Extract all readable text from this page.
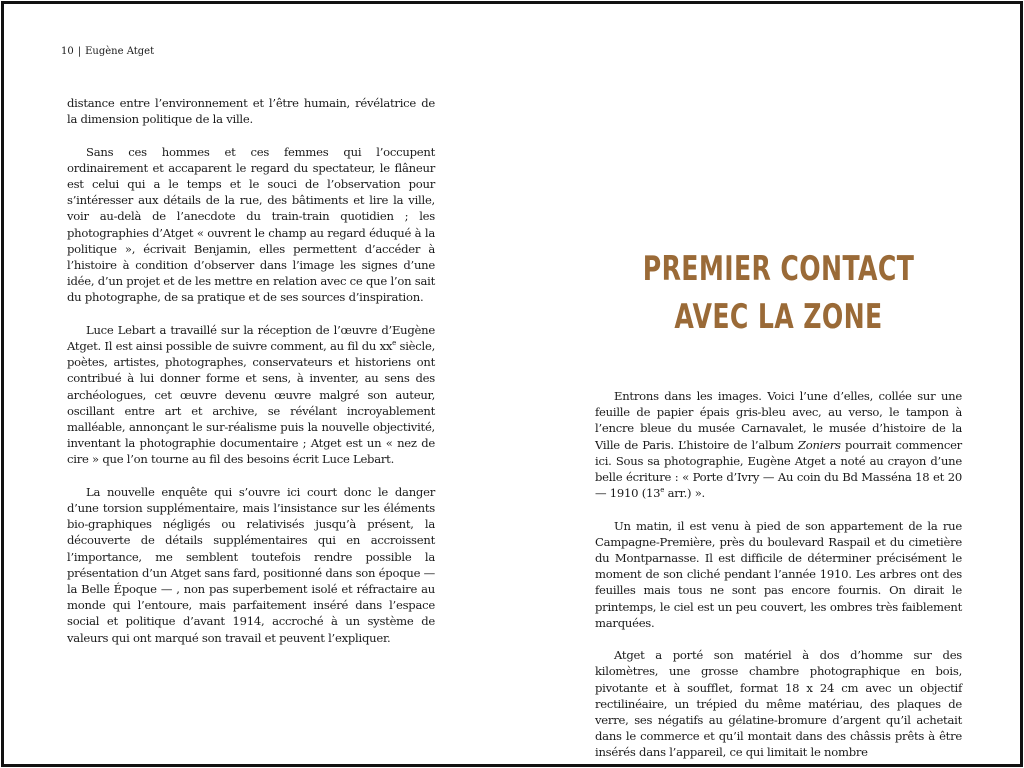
10 | Eugène Atget

distance entre l’environnement et l’être humain, révélatrice de la dimension politique de la ville.

Sans ces hommes et ces femmes qui l’occupent ordinairement et accaparent le regard du spectateur, le flâneur est celui qui a le temps et le souci de l’observation pour s’intéresser aux détails de la rue, des bâtiments et lire la ville, voir au-delà de l’anecdote du train-train quotidien ; les photographies d’Atget « ouvrent le champ au regard éduqué à la politique », écrivait Benjamin, elles permettent d’accéder à l’histoire à condition d’observer dans l’image les signes d’une idée, d’un projet et de les mettre en relation avec ce que l’on sait du photographe, de sa pratique et de ses sources d’inspiration.

Luce Lebart a travaillé sur la réception de l’œuvre d’Eugène Atget. Il est ainsi possible de suivre comment, au fil du $xx^e$ siècle, poètes, artistes, photographes, conservateurs et historiens ont contribué à lui donner forme et sens, à inventer, au sens des archéologues, cet œuvre devenu œuvre malgré son auteur, oscillant entre art et archive, se révélant incroyablement malléable, annonçant le sur-réalisme puis la nouvelle objectivité, inventant la photographie documentaire ; Atget est un « nez de cire » que l’on tourne au fil des besoins écrit Luce Lebart.

La nouvelle enquête qui s’ouvre ici court donc le danger d’une torsion supplémentaire, mais l’insistance sur les éléments bio-graphiques négligés ou relativisés jusqu’à présent, la découverte de détails supplémentaires qui en accroissent l’importance, me semblent toutefois rendre possible la présentation d’un Atget sans fard, positionné dans son époque — la Belle Époque — , non pas superbement isolé et réfractaire au monde qui l’entoure, mais parfaitement inséré dans l’espace social et politique d’avant 1914, accroché à un système de valeurs qui ont marqué son travail et peuvent l’expliquer.

PREMIER CONTACT
AVEC LA ZONE

Entrons dans les images. Voici l’une d’elles, collée sur une feuille de papier épais gris-bleu avec, au verso, le tampon à l’encre bleue du musée Carnavalet, le musée d’histoire de la Ville de Paris. L’histoire de l’album Zoniers pourrait commencer ici. Sous sa photographie, Eugène Atget a noté au crayon d’une belle écriture : « Porte d’Ivry — Au coin du Bd Masséna 18 et 20 — 1910 (13e arr.) ».

Un matin, il est venu à pied de son appartement de la rue Campagne-Première, près du boulevard Raspail et du cimetière du Montparnasse. Il est difficile de déterminer précisément le moment de son cliché pendant l’année 1910. Les arbres ont des feuilles mais tous ne sont pas encore fournis. On dirait le printemps, le ciel est un peu couvert, les ombres très faiblement marquées.

Atget a porté son matériel à dos d’homme sur des kilomètres, une grosse chambre photographique en bois, pivotante et à soufflet, format 18 x 24 cm avec un objectif rectilinéaire, un trépied du même matériau, des plaques de verre, ses négatifs au gélatine-bromure d’argent qu’il achetait dans le commerce et qu’il montait dans des châssis prêts à être insérés dans l’appareil, ce qui limitait le nombre
